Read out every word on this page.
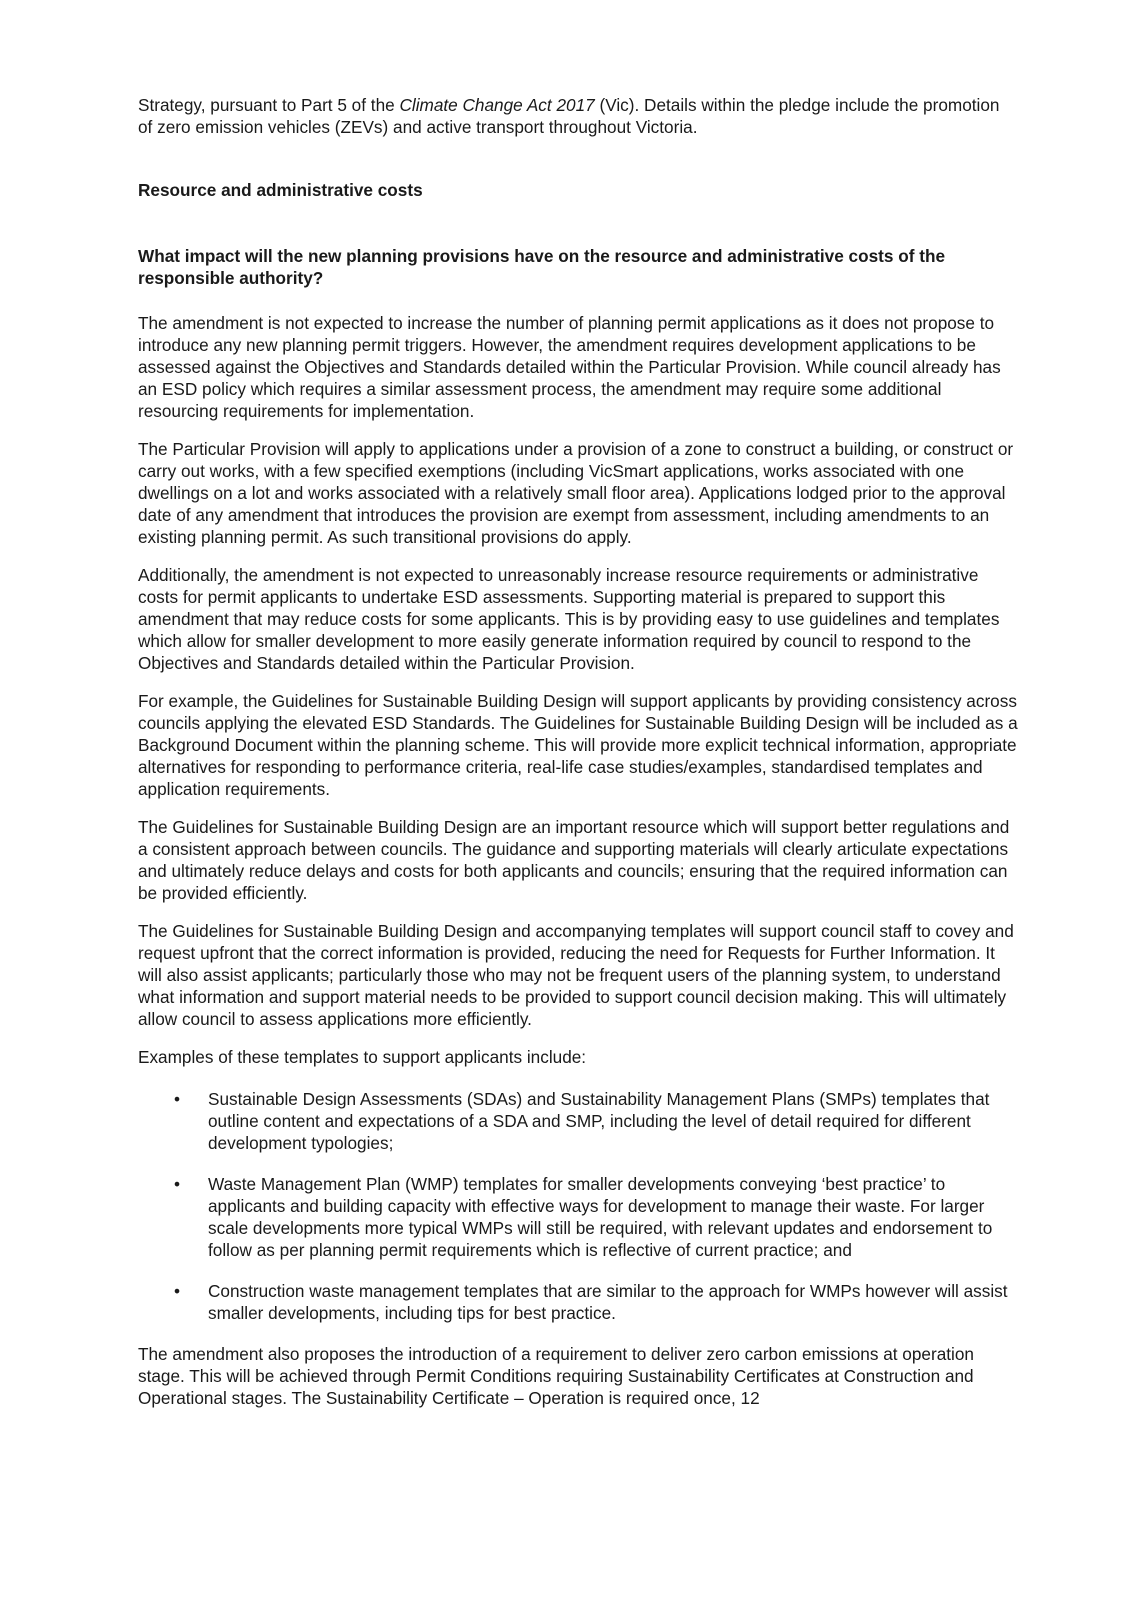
Strategy, pursuant to Part 5 of the Climate Change Act 2017 (Vic). Details within the pledge include the promotion of zero emission vehicles (ZEVs) and active transport throughout Victoria.

Resource and administrative costs
What impact will the new planning provisions have on the resource and administrative costs of the responsible authority?

The amendment is not expected to increase the number of planning permit applications as it does not propose to introduce any new planning permit triggers. However, the amendment requires development applications to be assessed against the Objectives and Standards detailed within the Particular Provision. While council already has an ESD policy which requires a similar assessment process, the amendment may require some additional resourcing requirements for implementation.

The Particular Provision will apply to applications under a provision of a zone to construct a building, or construct or carry out works, with a few specified exemptions (including VicSmart applications, works associated with one dwellings on a lot and works associated with a relatively small floor area). Applications lodged prior to the approval date of any amendment that introduces the provision are exempt from assessment, including amendments to an existing planning permit. As such transitional provisions do apply.

Additionally, the amendment is not expected to unreasonably increase resource requirements or administrative costs for permit applicants to undertake ESD assessments. Supporting material is prepared to support this amendment that may reduce costs for some applicants. This is by providing easy to use guidelines and templates which allow for smaller development to more easily generate information required by council to respond to the Objectives and Standards detailed within the Particular Provision.

For example, the Guidelines for Sustainable Building Design will support applicants by providing consistency across councils applying the elevated ESD Standards. The Guidelines for Sustainable Building Design will be included as a Background Document within the planning scheme. This will provide more explicit technical information, appropriate alternatives for responding to performance criteria, real-life case studies/examples, standardised templates and application requirements.

The Guidelines for Sustainable Building Design are an important resource which will support better regulations and a consistent approach between councils. The guidance and supporting materials will clearly articulate expectations and ultimately reduce delays and costs for both applicants and councils; ensuring that the required information can be provided efficiently.

The Guidelines for Sustainable Building Design and accompanying templates will support council staff to covey and request upfront that the correct information is provided, reducing the need for Requests for Further Information. It will also assist applicants; particularly those who may not be frequent users of the planning system, to understand what information and support material needs to be provided to support council decision making. This will ultimately allow council to assess applications more efficiently.

Examples of these templates to support applicants include:

• Sustainable Design Assessments (SDAs) and Sustainability Management Plans (SMPs) templates that outline content and expectations of a SDA and SMP, including the level of detail required for different development typologies;
• Waste Management Plan (WMP) templates for smaller developments conveying ‘best practice’ to applicants and building capacity with effective ways for development to manage their waste. For larger scale developments more typical WMPs will still be required, with relevant updates and endorsement to follow as per planning permit requirements which is reflective of current practice; and
• Construction waste management templates that are similar to the approach for WMPs however will assist smaller developments, including tips for best practice.

The amendment also proposes the introduction of a requirement to deliver zero carbon emissions at operation stage. This will be achieved through Permit Conditions requiring Sustainability Certificates at Construction and Operational stages. The Sustainability Certificate – Operation is required once, 12
